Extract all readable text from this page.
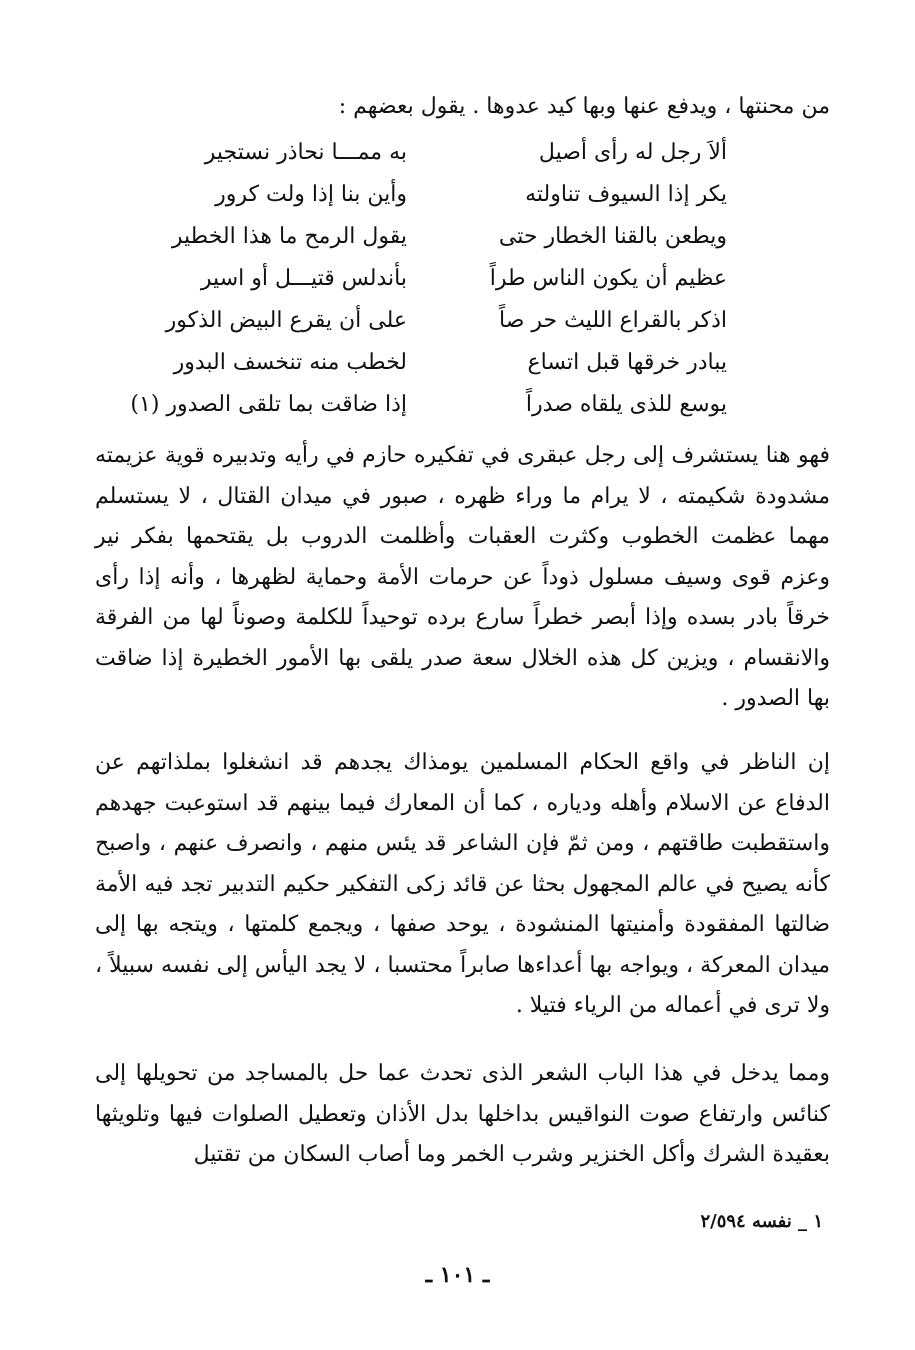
من محنتها ، ويدفع عنها وبها كيد عدوها . يقول بعضهم :
ألاَ رجل له رأى أصيل
به ممـــا نحاذر نستجير
يكر إذا السيوف تناولته
وأين بنا إذا ولت كرور
ويطعن بالقنا الخطار حتى
يقول الرمح ما هذا الخطير
عظيم أن يكون الناس طراً
بأندلس قتيـــل أو اسير
اذكر بالقراع الليث حر صاً
على أن يقرع البيض الذكور
يبادر خرقها قبل اتساع
لخطب منه تنخسف البدور
يوسع للذى يلقاه صدراً
إذا ضاقت بما تلقى الصدور (١)

فهو هنا يستشرف إلى رجل عبقرى في تفكيره حازم في رأيه وتدبيره قوية عزيمته مشدودة شكيمته ، لا يرام ما وراء ظهره ، صبور في ميدان القتال ، لا يستسلم مهما عظمت الخطوب وكثرت العقبات وأظلمت الدروب بل يقتحمها بفكر نير وعزم قوى وسيف مسلول ذوداً عن حرمات الأمة وحماية لظهرها ، وأنه إذا رأى خرقاً بادر بسده وإذا أبصر خطراً سارع برده توحيداً للكلمة وصوناً لها من الفرقة والانقسام ، ويزين كل هذه الخلال سعة صدر يلقى بها الأمور الخطيرة إذا ضاقت بها الصدور .

إن الناظر في واقع الحكام المسلمين يومذاك يجدهم قد انشغلوا بملذاتهم عن الدفاع عن الاسلام وأهله ودياره ، كما أن المعارك فيما بينهم قد استوعبت جهدهم واستقطبت طاقتهم ، ومن ثمّ فإن الشاعر قد يئس منهم ، وانصرف عنهم ، واصبح كأنه يصيح في عالم المجهول بحثا عن قائد زكى التفكير حكيم التدبير تجد فيه الأمة ضالتها المفقودة وأمنيتها المنشودة ، يوحد صفها ، ويجمع كلمتها ، ويتجه بها إلى ميدان المعركة ، ويواجه بها أعداءها صابراً محتسبا ، لا يجد اليأس إلى نفسه سبيلاً ، ولا ترى في أعماله من الرياء فتيلا .

ومما يدخل في هذا الباب الشعر الذى تحدث عما حل بالمساجد من تحويلها إلى كنائس وارتفاع صوت النواقيس بداخلها بدل الأذان وتعطيل الصلوات فيها وتلويثها بعقيدة الشرك وأكل الخنزير وشرب الخمر وما أصاب السكان من تقتيل

١ _ نفسه ٢/٥٩٤
ـ ١٠١ ـ
